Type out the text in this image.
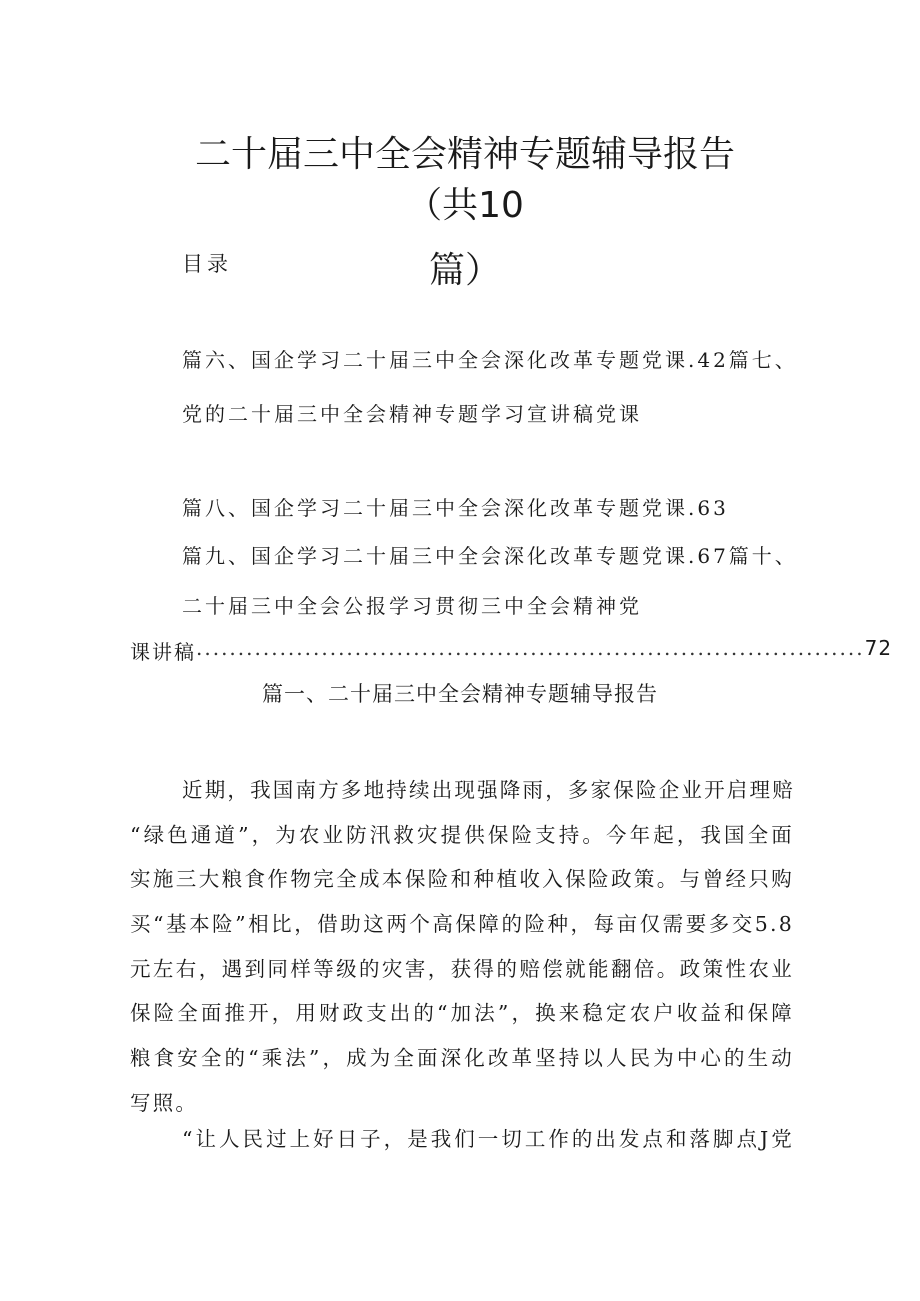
二十届三中全会精神专题辅导报告（共10
篇）
目录
篇六、国企学习二十届三中全会深化改革专题党课.42篇七、
党的二十届三中全会精神专题学习宣讲稿党课
篇八、国企学习二十届三中全会深化改革专题党课.63
篇九、国企学习二十届三中全会深化改革专题党课.67篇十、
二十届三中全会公报学习贯彻三中全会精神党
课讲稿 ................................................................................ 72
篇一、二十届三中全会精神专题辅导报告
近期，我国南方多地持续出现强降雨，多家保险企业开启理赔
“绿色通道”，为农业防汛救灾提供保险支持。今年起，我国全面
实施三大粮食作物完全成本保险和种植收入保险政策。与曾经只购
买“基本险”相比，借助这两个高保障的险种，每亩仅需要多交5.8
元左右，遇到同样等级的灾害，获得的赔偿就能翻倍。政策性农业
保险全面推开，用财政支出的“加法”，换来稳定农户收益和保障
粮食安全的“乘法”，成为全面深化改革坚持以人民为中心的生动
写照。
“让人民过上好日子，是我们一切工作的出发点和落脚点J党
